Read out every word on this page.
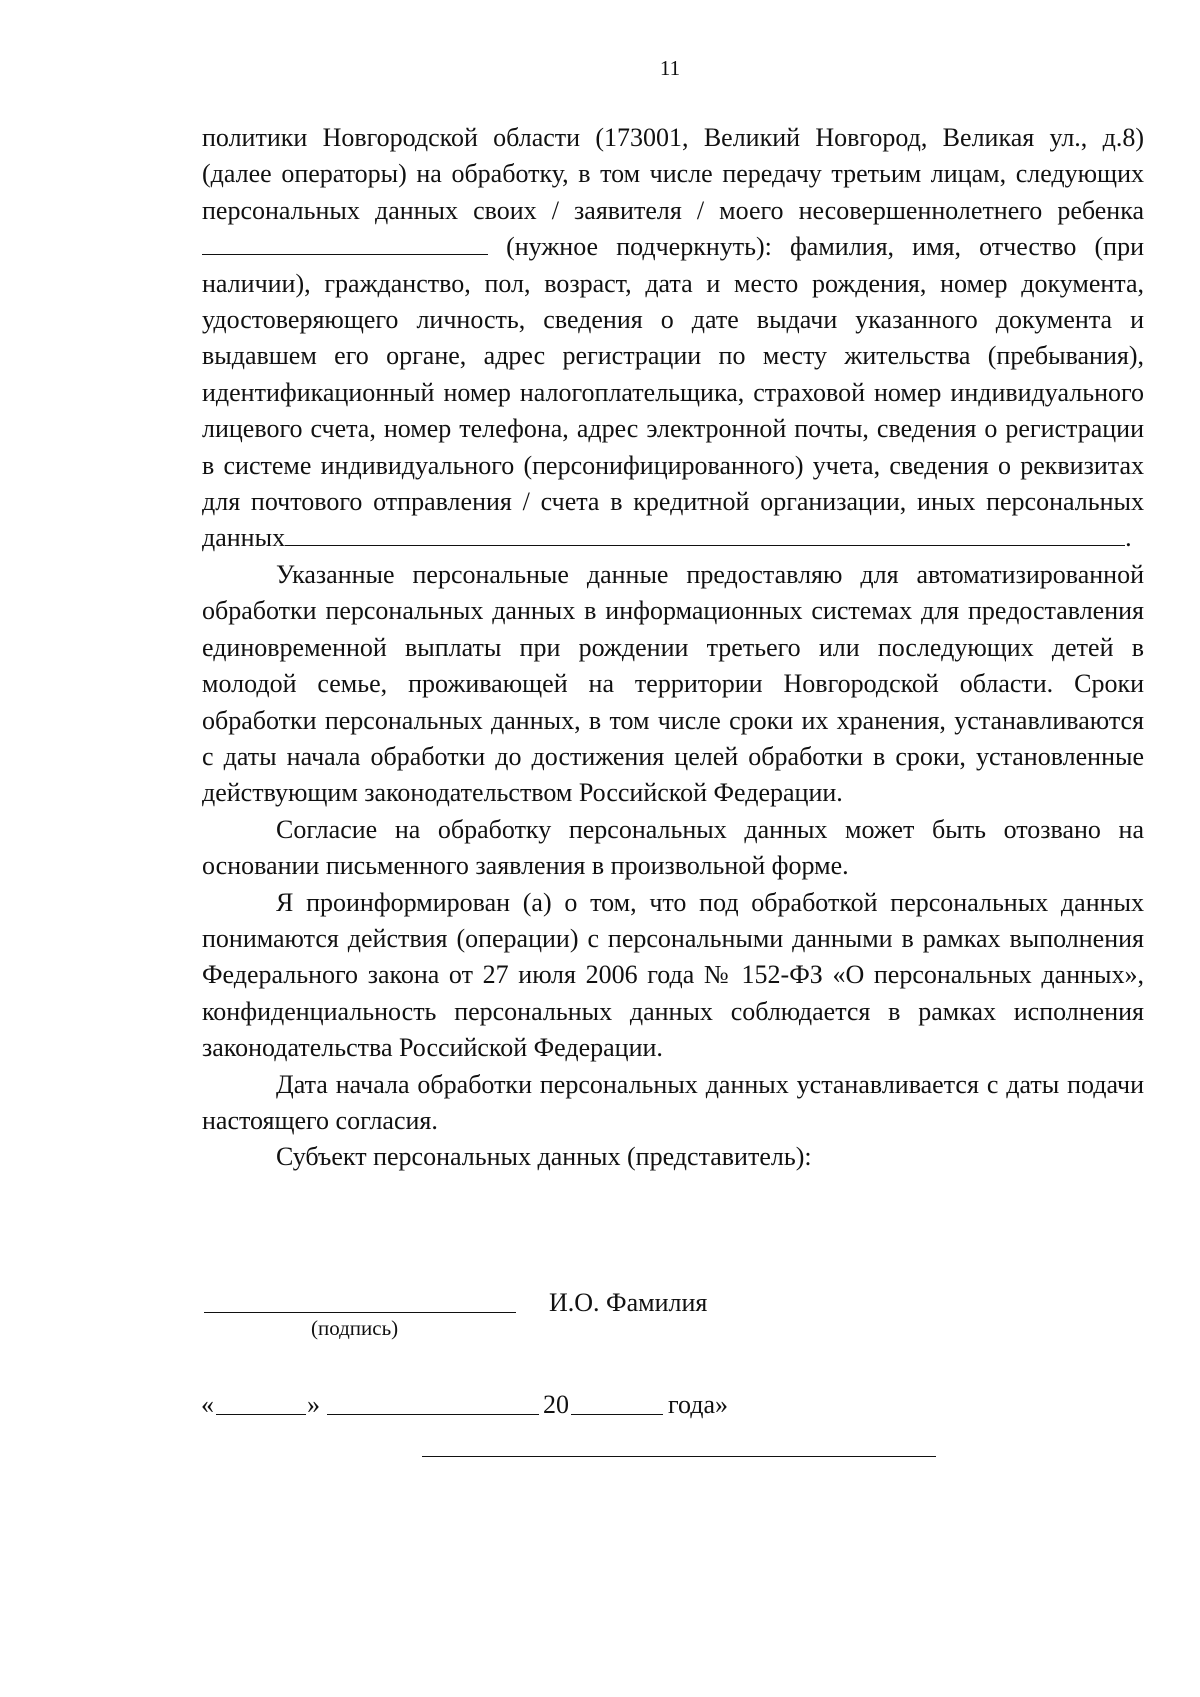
11

политики Новгородской области (173001, Великий Новгород, Великая ул., д.8) (далее операторы) на обработку, в том числе передачу третьим лицам, следующих персональных данных своих / заявителя / моего несовершеннолетнего ребенка (нужное подчеркнуть): фамилия, имя, отчество (при наличии), гражданство, пол, возраст, дата и место рождения, номер документа, удостоверяющего личность, сведения о дате выдачи указанного документа и выдавшем его органе, адрес регистрации по месту жительства (пребывания), идентификационный номер налогоплательщика, страховой номер индивидуального лицевого счета, номер телефона, адрес электронной почты, сведения о регистрации в системе индивидуального (персонифицированного) учета, сведения о реквизитах для почтового отправления / счета в кредитной организации, иных персональных данных	.

Указанные персональные данные предоставляю для автоматизированной обработки персональных данных в информационных системах для предоставления единовременной выплаты при рождении третьего или последующих детей в молодой семье, проживающей на территории Новгородской области. Сроки обработки персональных данных, в том числе сроки их хранения, устанавливаются с даты начала обработки до достижения целей обработки в сроки, установленные действующим законодательством Российской Федерации.

Согласие на обработку персональных данных может быть отозвано на основании письменного заявления в произвольной форме.

Я проинформирован (а) о том, что под обработкой персональных данных понимаются действия (операции) с персональными данными в рамках выполнения Федерального закона от 27 июля 2006 года № 152-ФЗ «О персональных данных», конфиденциальность персональных данных соблюдается в рамках исполнения законодательства Российской Федерации.

Дата начала обработки персональных данных устанавливается с даты подачи настоящего согласия.

Субъект персональных данных (представитель):

И.О. Фамилия
(подпись)
«	»	20	года»
